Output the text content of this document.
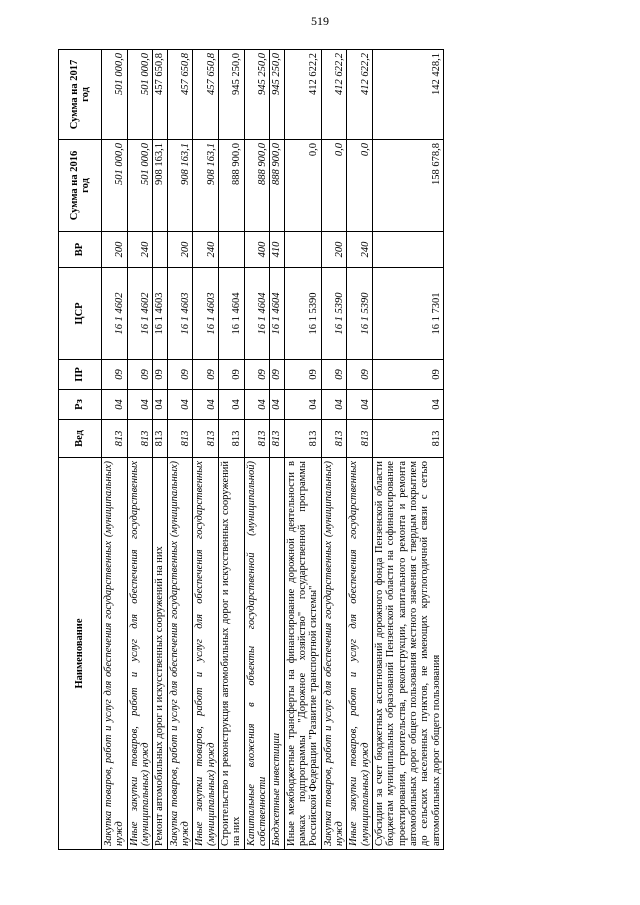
519
Наименование	Вед	Рз	ПР	ЦСР	ВР	Сумма на 2016 год	Сумма на 2017 год
Закупка товаров, работ и услуг для обеспечения государственных (муниципальных) нужд	813	04	09	16 1 4602	200	501 000,0	501 000,0
Иные закупки товаров, работ и услуг для обеспечения государственных (муниципальных) нужд	813	04	09	16 1 4602	240	501 000,0	501 000,0
Ремонт автомобильных дорог и искусственных сооружений на них	813	04	09	16 1 4603		908 163,1	457 650,8
Закупка товаров, работ и услуг для обеспечения государственных (муниципальных) нужд	813	04	09	16 1 4603	200	908 163,1	457 650,8
Иные закупки товаров, работ и услуг для обеспечения государственных (муниципальных) нужд	813	04	09	16 1 4603	240	908 163,1	457 650,8
Строительство и реконструкция автомобильных дорог и искусственных сооружений на них	813	04	09	16 1 4604		888 900,0	945 250,0
Капитальные вложения в объекты государственной (муниципальной) собственности	813	04	09	16 1 4604	400	888 900,0	945 250,0
Бюджетные инвестиции	813	04	09	16 1 4604	410	888 900,0	945 250,0
Иные межбюджетные трансферты на финансирование дорожной деятельности в рамках подпрограммы "Дорожное хозяйство" государственной программы Российской Федерации "Развитие транспортной системы"	813	04	09	16 1 5390		0,0	412 622,2
Закупка товаров, работ и услуг для обеспечения государственных (муниципальных) нужд	813	04	09	16 1 5390	200	0,0	412 622,2
Иные закупки товаров, работ и услуг для обеспечения государственных (муниципальных) нужд	813	04	09	16 1 5390	240	0,0	412 622,2
Субсидии за счет бюджетных ассигнований дорожного фонда Пензенской области бюджетам муниципальных образований Пензенской области на софинансирование проектирования, строительства, реконструкции, капитального ремонта и ремонта автомобильных дорог общего пользования местного значения с твердым покрытием до сельских населенных пунктов, не имеющих круглогодичной связи с сетью автомобильных дорог общего пользования	813	04	09	16 1 7301		158 678,8	142 428,1
